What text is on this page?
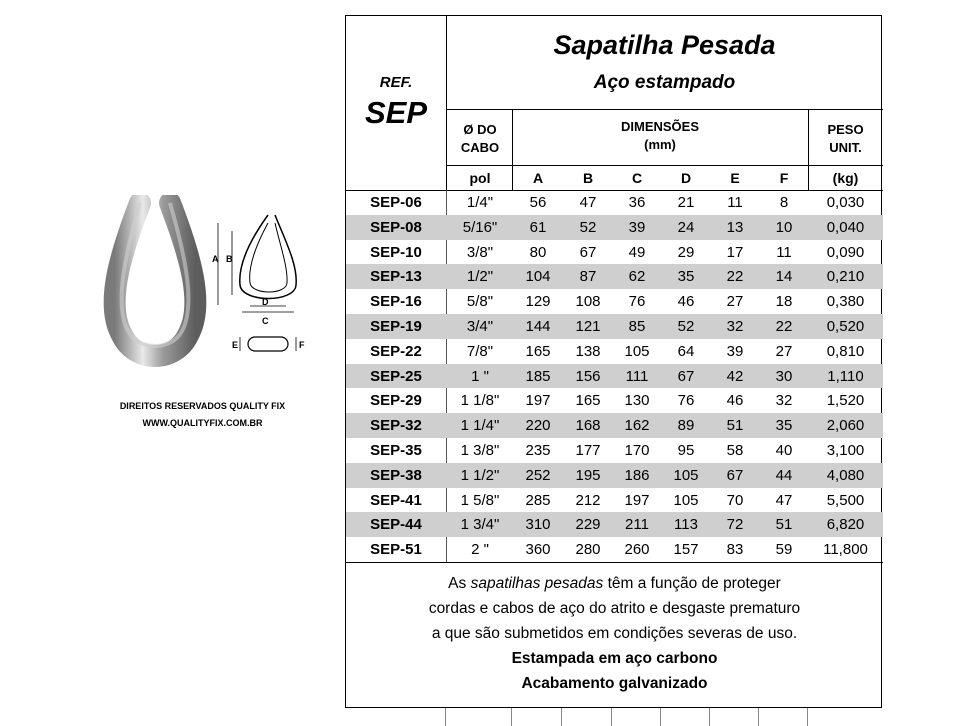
A B
D
C
E	F
DIREITOS RESERVADOS QUALITY FIX
WWW.QUALITYFIX.COM.BR
REF.
SEP
Sapatilha Pesada
Aço estampado
Ø DO
CABO
DIMENSÕES
(mm)
PESO
UNIT.
pol	A	B	C	D	E	F	(kg)
SEP-06	1/4"	56	47	36	21	11	8	0,030
SEP-08	5/16"	61	52	39	24	13	10	0,040
SEP-10	3/8"	80	67	49	29	17	11	0,090
SEP-13	1/2"	104	87	62	35	22	14	0,210
SEP-16	5/8"	129	108	76	46	27	18	0,380
SEP-19	3/4"	144	121	85	52	32	22	0,520
SEP-22	7/8"	165	138	105	64	39	27	0,810
SEP-25	1 "	185	156	111	67	42	30	1,110
SEP-29	1 1/8"	197	165	130	76	46	32	1,520
SEP-32	1 1/4"	220	168	162	89	51	35	2,060
SEP-35	1 3/8"	235	177	170	95	58	40	3,100
SEP-38	1 1/2"	252	195	186	105	67	44	4,080
SEP-41	1 5/8"	285	212	197	105	70	47	5,500
SEP-44	1 3/4"	310	229	211	113	72	51	6,820
SEP-51	2 "	360	280	260	157	83	59	11,800
As sapatilhas pesadas têm a função de proteger
cordas e cabos de aço do atrito e desgaste prematuro
a que são submetidos em condições severas de uso.
Estampada em aço carbono
Acabamento galvanizado
